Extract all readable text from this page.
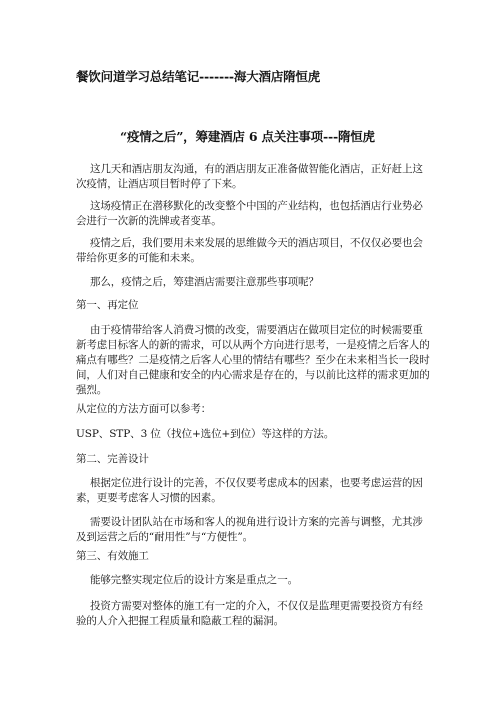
餐饮问道学习总结笔记-------海大酒店隋恒虎
“疫情之后”，筹建酒店 6 点关注事项---隋恒虎
这几天和酒店朋友沟通，有的酒店朋友正准备做智能化酒店，正好赶上这次疫情，让酒店项目暂时停了下来。
这场疫情正在潜移默化的改变整个中国的产业结构，也包括酒店行业势必会进行一次新的洗牌或者变革。
疫情之后，我们要用未来发展的思维做今天的酒店项目，不仅仅必要也会带给你更多的可能和未来。
那么，疫情之后，筹建酒店需要注意那些事项呢？
第一、再定位
由于疫情带给客人消费习惯的改变，需要酒店在做项目定位的时候需要重新考虑目标客人的新的需求，可以从两个方向进行思考，一是疫情之后客人的痛点有哪些？二是疫情之后客人心里的情结有哪些？至少在未来相当长一段时间，人们对自己健康和安全的内心需求是存在的，与以前比这样的需求更加的强烈。
从定位的方法方面可以参考：
USP、STP、3 位（找位+选位+到位）等这样的方法。
第二、完善设计
根据定位进行设计的完善，不仅仅要考虑成本的因素，也要考虑运营的因素，更要考虑客人习惯的因素。
需要设计团队站在市场和客人的视角进行设计方案的完善与调整，尤其涉及到运营之后的“耐用性”与“方便性”。
第三、有效施工
能够完整实现定位后的设计方案是重点之一。
投资方需要对整体的施工有一定的介入，不仅仅是监理更需要投资方有经验的人介入把握工程质量和隐蔽工程的漏洞。
